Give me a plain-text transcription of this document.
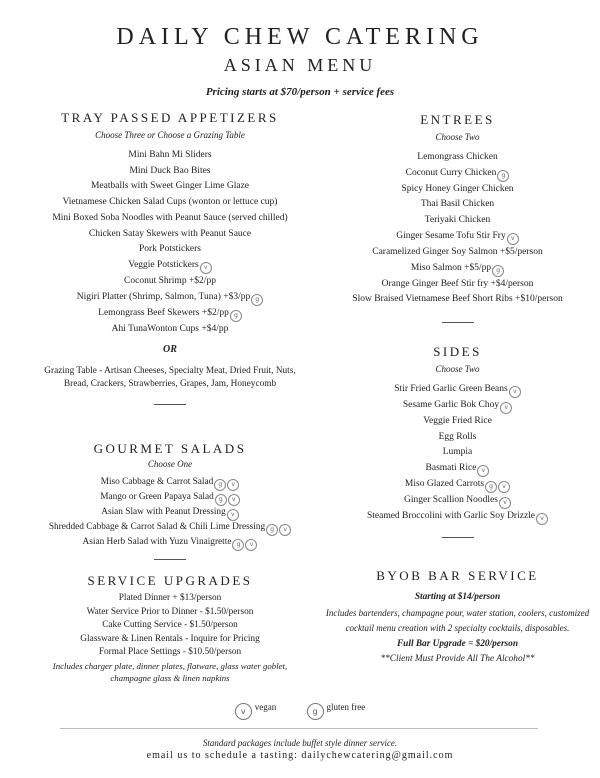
DAILY CHEW CATERING
ASIAN MENU
Pricing starts at $70/person + service fees

TRAY PASSED APPETIZERS

Choose Three or Choose a Grazing Table

Mini Bahn Mi Sliders
Mini Duck Bao Bites
Meatballs with Sweet Ginger Lime Glaze
Vietnamese Chicken Salad Cups (wonton or lettuce cup)
Mini Boxed Soba Noodles with Peanut Sauce (served chilled)
Chicken Satay Skewers with Peanut Sauce
Pork Potstickers
Veggie Potstickers v
Coconut Shrimp +$2/pp
Nigiri Platter (Shrimp, Salmon, Tuna) +$3/pp g
Lemongrass Beef Skewers +$2/pp g
Ahi TunaWonton Cups +$4/pp

OR

Grazing Table - Artisan Cheeses, Specialty Meat, Dried Fruit, Nuts, Bread, Crackers, Strawberries, Grapes, Jam, Honeycomb

GOURMET SALADS

Choose One

Miso Cabbage & Carrot Salad g v
Mango or Green Papaya Salad g v
Asian Slaw with Peanut Dressing v
Shredded Cabbage & Carrot Salad & Chili Lime Dressing g v
Asian Herb Salad with Yuzu Vinaigrette g v

SERVICE UPGRADES

Plated Dinner + $13/person
Water Service Prior to Dinner - $1.50/person
Cake Cutting Service - $1.50/person
Glassware & Linen Rentals - Inquire for Pricing
Formal Place Settings - $10.50/person
Includes charger plate, dinner plates, flatware, glass water goblet, champagne glass & linen napkins

ENTREES

Choose Two

Lemongrass Chicken
Coconut Curry Chicken g
Spicy Honey Ginger Chicken
Thai Basil Chicken
Teriyaki Chicken
Ginger Sesame Tofu Stir Fry v
Caramelized Ginger Soy Salmon +$5/person
Miso Salmon +$5/pp g
Orange Ginger Beef Stir fry +$4/person
Slow Braised Vietnamese Beef Short Ribs +$10/person

SIDES

Choose Two

Stir Fried Garlic Green Beans v
Sesame Garlic Bok Choy v
Veggie Fried Rice
Egg Rolls
Lumpia
Basmati Rice v
Miso Glazed Carrots g v
Ginger Scallion Noodles v
Steamed Broccolini with Garlic Soy Drizzle v

BYOB BAR SERVICE

Starting at $14/person
Includes bartenders, champagne pour, water station, coolers, customized cocktail menu creation with 2 specialty cocktails, disposables.
Full Bar Upgrade = $20/person
**Client Must Provide All The Alcohol**
v vegan	g gluten free
Standard packages include buffet style dinner service.
email us to schedule a tasting: dailychewcatering@gmail.com
